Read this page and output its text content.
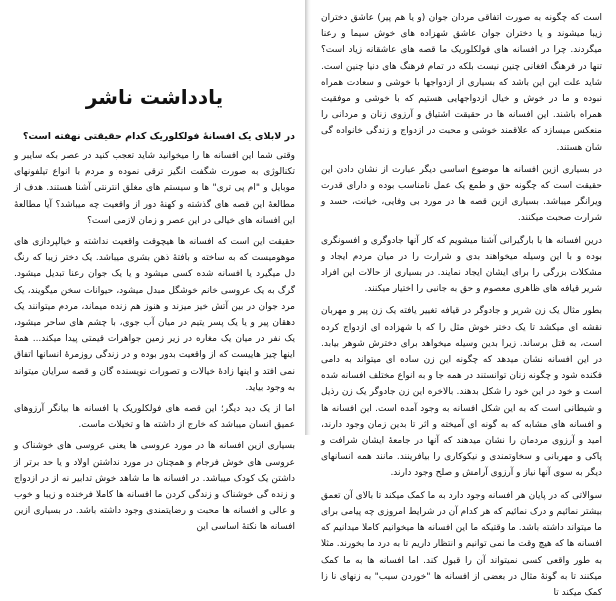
یادداشت ناشر
در لابلای یک افسانهٔ فولکلوریک کدام حقیقتی نهفته است؟

وقتی شما این افسانه ها را میخوانید شاید تعجب کنید در عصر بکه سایبر و تکنالوژی به صورت شگفت انگیز ترقی نموده و مردم با انواع تیلفونهای موبایل و "ام پی تری" ها و سیستم های مغلق انترنتی آشنا هستند. هدف از مطالعهٔ این قصه های گذشته و کهنهٔ دور از واقعیت چه میباشد؟ آیا مطالعهٔ این افسانه های خیالی در این عصر و زمان لازمی است؟

حقیقت این است که افسانه ها هیچوقت واقعیت نداشته و خیالپردازی های موهومیست که به ساخته و بافتهٔ ذهن بشری میباشد. یک دختر زیبا که رنگ دل میگیرد یا افسانه شده کسی میشود و یا یک جوان رعنا تبدیل میشود. گرگ به یک عروسی خانم خوشگل مبدل میشود، حیوانات سخن میگویند، یک مرد جوان در بین آتش خیز میزند و هنوز هم زنده میماند، مردم میتوانند یک دهقان پیر و یا یک پسر یتیم در میان آب جوی، با چشم های ساحر میشود، یک نفر در میان یک مغاره در زیر زمین جواهرات قیمتی پیدا میکند... همهٔ اینها چیز هاییست که از واقعیت بدور بوده و در زندگی روزمرهٔ انسانها اتفاق نمی افتد و اینها زادهٔ خیالات و تصورات نویسنده گان و قصه سرایان میتواند به وجود بیاید.

اما از یک دید دیگر؛ این قصه های فولکلوریک یا افسانه ها بیانگر آرزوهای عمیق انسان میباشد که خارج از داشته ها و تخیلات ماست.

بسیاری ازین افسانه ها در مورد عروسی ها یعنی عروسی های خوشناک و عروسی های خوش فرجام و همچنان در مورد نداشتن اولاد و یا حد برتر از داشتن یک کودک میباشد. در افسانه ها ما شاهد خوش تدابیر نه از در ازدواج و زنده گی خوشناک و زندگی کردن ما افسانه ها کاملا فرخنده و زیبا و خوب و عالی و افسانه ها محبت و رضایتمندی وجود داشته باشد. در بسیاری ازین افسانه ها نکتهٔ اساسی این

است که چگونه به صورت اتفاقی مردان جوان (و یا هم پیر) عاشق دختران زیبا میشوند و یا دختران جوان عاشق شهزاده های خوش سیما و رعنا میگردند. چرا در افسانه های فولکلوریک ما قصه های عاشقانه زیاد است؟ تنها در فرهنگ افغانی چنین نیست بلکه در تمام فرهنگ های دنیا چنین است. شاید علت این این باشد که بسیاری از ازدواجها با خوشی و سعادت همراه نبوده و ما در خوش و خیال ازدواجهایی هستیم که با خوشی و موفقیت همراه باشند. این افسانه ها در حقیقت اشتیاق و آرزوی زنان و مردانی را منعکس میسازد که علاقمند خوشی و محبت در ازدواج و زندگی خانواده گی شان هستند.

در بسیاری ازین افسانه ها موضوع اساسی دیگر عبارت از نشان دادن این حقیقت است که چگونه حق و طمع یک عمل نامناسب بوده و دارای قدرت ویرانگر میباشد. بسیاری ازین قصه ها در مورد بی وفایی، خیانت، حسد و شرارت صحبت میکنند.

درین افسانه ها با بارگیرانی آشنا میشویم که کار آنها جادوگری و افسونگری بوده و با این وسیله میخواهند بدی و شرارت را در میان مردم ایجاد و مشکلات بزرگی را برای ایشان ایجاد نمایند. در بسیاری از حالات این افراد شریر قیافه های ظاهری معصوم و حق به جانبی را اختیار میکنند.

بطور مثال یک زن شریر و جادوگر در قیافه تغییر یافته یک زن پیر و مهربان نقشه ای میکشد تا یک دختر خوش مثل را که با شهزاده ای ازدواج کرده است، به قتل برساند. زیرا بدین وسیله میخواهد برای دخترش شوهر بیابد. در این افسانه نشان میدهد که چگونه این زن ساده ای میتواند به دامی فکنده شود و چگونه زنان توانستند در همه جا و به انواع مختلف افسانه شده است و خود در این خود را شکل بدهند. بالاخره این زن جادوگر یک زن رذیل و شیطانی است که به این شکل افسانه به وجود آمده است. این افسانه ها و افسانه های مشابه که به گونه ای آمیخته و اثر تا بدین زمان وجود دارند، امید و آرزوی مردمان را نشان میدهند که آنها در جامعهٔ ایشان شرافت و پاکی و مهربانی و سخاوتمندی و نیکوکاری را بیافرینند. مانند همه انسانهای دیگر به سوی آنها نیاز و آرزوی آرامش و صلح وجود دارند.

سوالاتی که در پایان هر افسانه وجود دارد به ما کمک میکند تا بالای آن تعمق بیشتر نمائیم و درک نمائیم که هر کدام آن در شرایط امروزی چه پیامی برای ما میتواند داشته باشد. ما وقتیکه ما این افسانه ها میخوانیم کاملا میدانیم که افسانه ها که هیچ وقت ما نمی توانیم و انتظار داریم تا به درد ما بخورند. مثلا به طور واقعی کسی نمیتواند آن را قبول کند. اما افسانه ها به ما کمک میکنند تا به گونهٔ مثال در بعضی از افسانه ها "خوردن سیب" به زنهای نا زا کمک میکند تا
